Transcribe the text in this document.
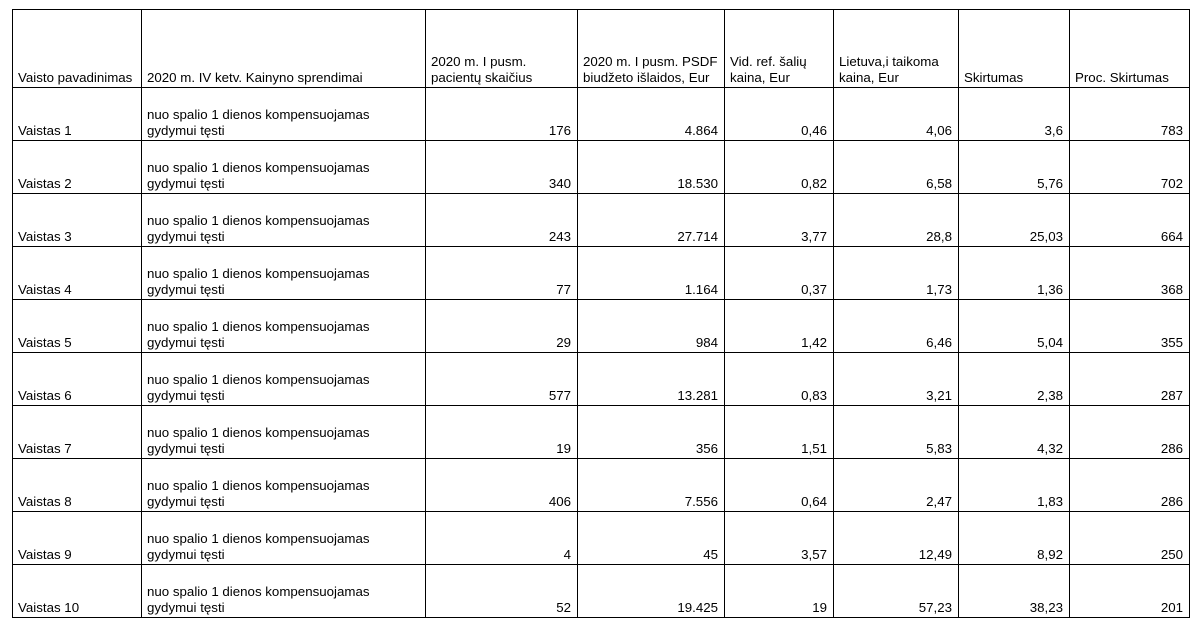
Vaisto pavadinimas	2020 m. IV ketv. Kainyno sprendimai	2020 m. I pusm. pacientų skaičius	2020 m. I pusm. PSDF biudžeto išlaidos, Eur	Vid. ref. šalių kaina, Eur	Lietuva,i taikoma kaina, Eur	Skirtumas	Proc. Skirtumas
Vaistas 1	nuo spalio 1 dienos kompensuojamas gydymui tęsti	176	4.864	0,46	4,06	3,6	783
Vaistas 2	nuo spalio 1 dienos kompensuojamas gydymui tęsti	340	18.530	0,82	6,58	5,76	702
Vaistas 3	nuo spalio 1 dienos kompensuojamas gydymui tęsti	243	27.714	3,77	28,8	25,03	664
Vaistas 4	nuo spalio 1 dienos kompensuojamas gydymui tęsti	77	1.164	0,37	1,73	1,36	368
Vaistas 5	nuo spalio 1 dienos kompensuojamas gydymui tęsti	29	984	1,42	6,46	5,04	355
Vaistas 6	nuo spalio 1 dienos kompensuojamas gydymui tęsti	577	13.281	0,83	3,21	2,38	287
Vaistas 7	nuo spalio 1 dienos kompensuojamas gydymui tęsti	19	356	1,51	5,83	4,32	286
Vaistas 8	nuo spalio 1 dienos kompensuojamas gydymui tęsti	406	7.556	0,64	2,47	1,83	286
Vaistas 9	nuo spalio 1 dienos kompensuojamas gydymui tęsti	4	45	3,57	12,49	8,92	250
Vaistas 10	nuo spalio 1 dienos kompensuojamas gydymui tęsti	52	19.425	19	57,23	38,23	201
